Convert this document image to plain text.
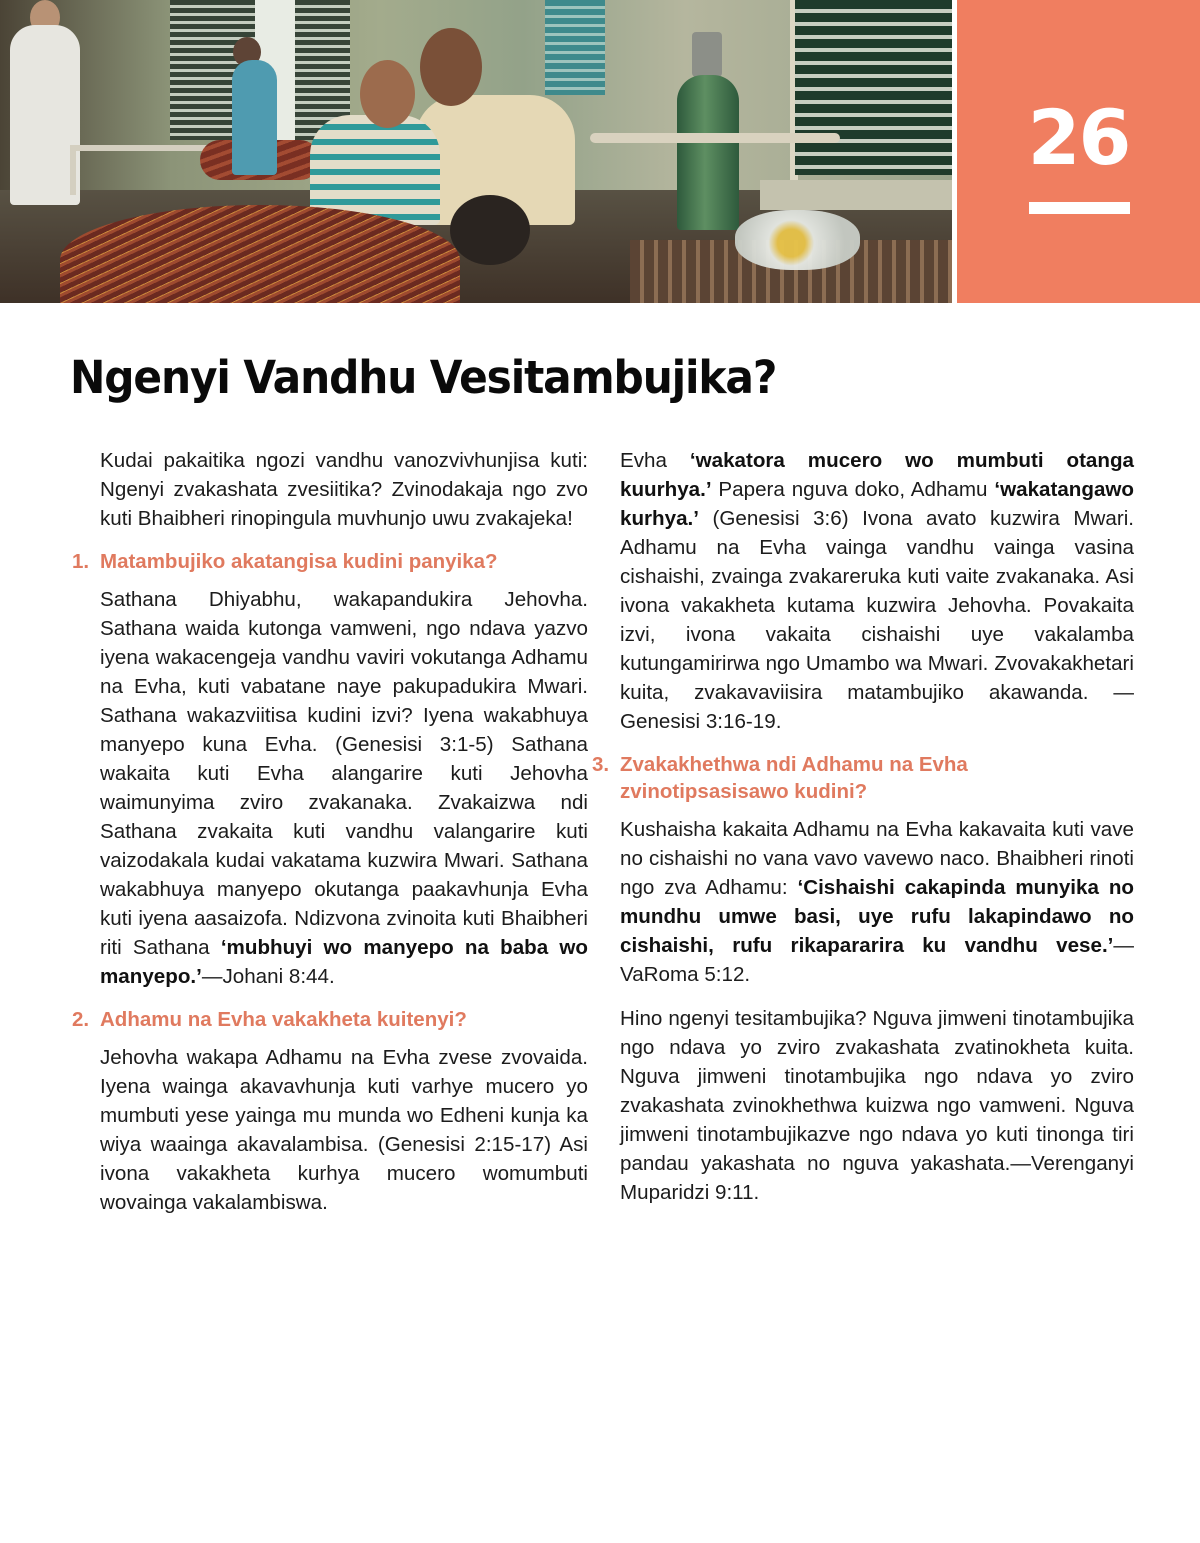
26
Ngenyi Vandhu Vesitambujika?

Kudai pakaitika ngozi vandhu vanozvivhunjisa kuti: Ngenyi zvakashata zvesiitika? Zvinodakaja ngo zvo kuti Bhaibheri rinopingula muvhunjo uwu zvakajeka!

1. Matambujiko akatangisa kudini panyika?

Sathana Dhiyabhu, wakapandukira Jehovha. Sathana waida kutonga vamweni, ngo ndava yazvo iyena wakacengeja vandhu vaviri vokutanga Adhamu na Evha, kuti vabatane naye pakupadukira Mwari. Sathana wakazviitisa kudini izvi? Iyena wakabhuya manyepo kuna Evha. (Genesisi 3:1-5) Sathana wakaita kuti Evha alangarire kuti Jehovha waimunyima zviro zvakanaka. Zvakaizwa ndi Sathana zvakaita kuti vandhu valangarire kuti vaizodakala kudai vakatama kuzwira Mwari. Sathana wakabhuya manyepo okutanga paakavhunja Evha kuti iyena aasaizofa. Ndizvona zvinoita kuti Bhaibheri riti Sathana ‘mubhuyi wo manyepo na baba wo manyepo.’—Johani 8:44.

2. Adhamu na Evha vakakheta kuitenyi?

Jehovha wakapa Adhamu na Evha zvese zvovaida. Iyena wainga akavavhunja kuti varhye mucero yo mumbuti yese yainga mu munda wo Edheni kunja ka wiya waainga akavalambisa. (Genesisi 2:15-17) Asi ivona vakakheta kurhya mucero womumbuti wovainga vakalambiswa.

Evha ‘wakatora mucero wo mumbuti otanga kuurhya.’ Papera nguva doko, Adhamu ‘wakatangawo kurhya.’ (Genesisi 3:6) Ivona avato kuzwira Mwari. Adhamu na Evha vainga vandhu vainga vasina cishaishi, zvainga zvakareruka kuti vaite zvakanaka. Asi ivona vakakheta kutama kuzwira Jehovha. Povakaita izvi, ivona vakaita cishaishi uye vakalamba kutungamirirwa ngo Umambo wa Mwari. Zvovakakhetari kuita, zvakavaviisira matambujiko akawanda. —Genesisi 3:16-19.

3. Zvakakhethwa ndi Adhamu na Evha zvinotipsasisawo kudini?

Kushaisha kakaita Adhamu na Evha kakavaita kuti vave no cishaishi no vana vavo vavewo naco. Bhaibheri rinoti ngo zva Adhamu: ‘Cishaishi cakapinda munyika no mundhu umwe basi, uye rufu lakapindawo no cishaishi, rufu rikapararira ku vandhu vese.’—VaRoma 5:12.

Hino ngenyi tesitambujika? Nguva jimweni tinotambujika ngo ndava yo zviro zvakashata zvatinokheta kuita. Nguva jimweni tinotambujika ngo ndava yo zviro zvakashata zvinokhethwa kuizwa ngo vamweni. Nguva jimweni tinotambujikazve ngo ndava yo kuti tinonga tiri pandau yakashata no nguva yakashata.—Verenganyi Muparidzi 9:11.
